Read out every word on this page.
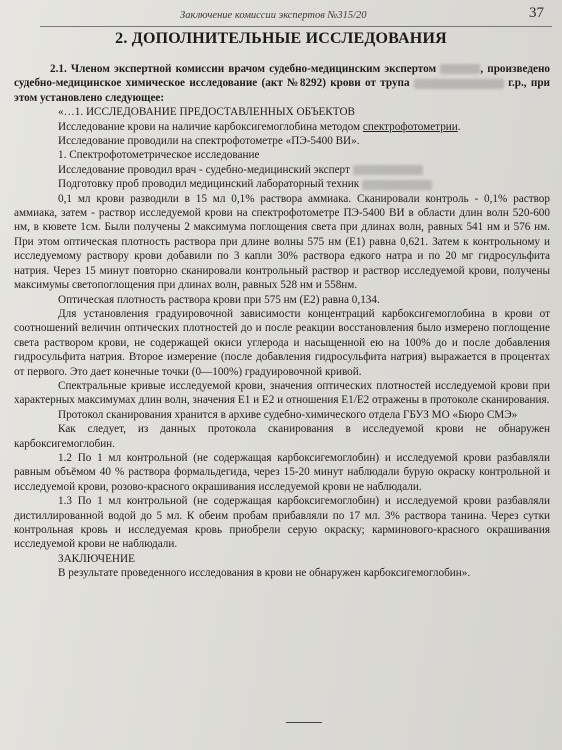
Заключение комиссии экспертов №315/20	37
2. ДОПОЛНИТЕЛЬНЫЕ ИССЛЕДОВАНИЯ

2.1. Членом экспертной комиссии врачом судебно-медицинским экспертом	, произведено судебно-медицинское химическое исследование (акт №8292) крови от трупа	г.р., при этом установлено следующее:

«…1. ИССЛЕДОВАНИЕ ПРЕДОСТАВЛЕННЫХ ОБЪЕКТОВ

Исследование крови на наличие карбоксигемоглобина методом спектрофотометрии.

Исследование проводили на спектрофотометре «ПЭ-5400 ВИ».

1. Спектрофотометрическое исследование

Исследование проводил врач - судебно-медицинский эксперт

Подготовку проб проводил медицинский лабораторный техник

0,1 мл крови разводили в 15 мл 0,1% раствора аммиака. Сканировали контроль - 0,1% раствор аммиака, затем - раствор исследуемой крови на спектрофотометре ПЭ-5400 ВИ в области длин волн 520-600 нм, в кювете 1см. Были получены 2 максимума поглощения света при длинах волн, равных 541 нм и 576 нм. При этом оптическая плотность раствора при длине волны 575 нм (Е1) равна 0,621. Затем к контрольному и исследуемому раствору крови добавили по 3 капли 30% раствора едкого натра и по 20 мг гидросульфита натрия. Через 15 минут повторно сканировали контрольный раствор и раствор исследуемой крови, получены максимумы светопоглощения при длинах волн, равных 528 нм и 558нм.

Оптическая плотность раствора крови при 575 нм (Е2) равна 0,134.

Для установления градуировочной зависимости концентраций карбоксигемоглобина в крови от соотношений величин оптических плотностей до и после реакции восстановления было измерено поглощение света раствором крови, не содержащей окиси углерода и насыщенной ею на 100% до и после добавления гидросульфита натрия. Второе измерение (после добавления гидросульфита натрия) выражается в процентах от первого. Это дает конечные точки (0—100%) градуировочной кривой.

Спектральные кривые исследуемой крови, значения оптических плотностей исследуемой крови при характерных максимумах длин волн, значения Е1 и Е2 и отношения Е1/Е2 отражены в протоколе сканирования.

Протокол сканирования хранится в архиве судебно-химического отдела ГБУЗ МО «Бюро СМЭ»

Как следует, из данных протокола сканирования в исследуемой крови не обнаружен карбоксигемоглобин.

1.2 По 1 мл контрольной (не содержащая карбоксигемоглобин) и исследуемой крови разбавляли равным объёмом 40 % раствора формальдегида, через 15-20 минут наблюдали бурую окраску контрольной и исследуемой крови, розово-красного окрашивания исследуемой крови не наблюдали.

1.3 По 1 мл контрольной (не содержащая карбоксигемоглобин) и исследуемой крови разбавляли дистиллированной водой до 5 мл. К обеим пробам прибавляли по 17 мл. 3% раствора танина. Через сутки контрольная кровь и исследуемая кровь приобрели серую окраску; карминового-красного окрашивания исследуемой крови не наблюдали.

ЗАКЛЮЧЕНИЕ

В результате проведенного исследования в крови не обнаружен карбоксигемоглобин».
